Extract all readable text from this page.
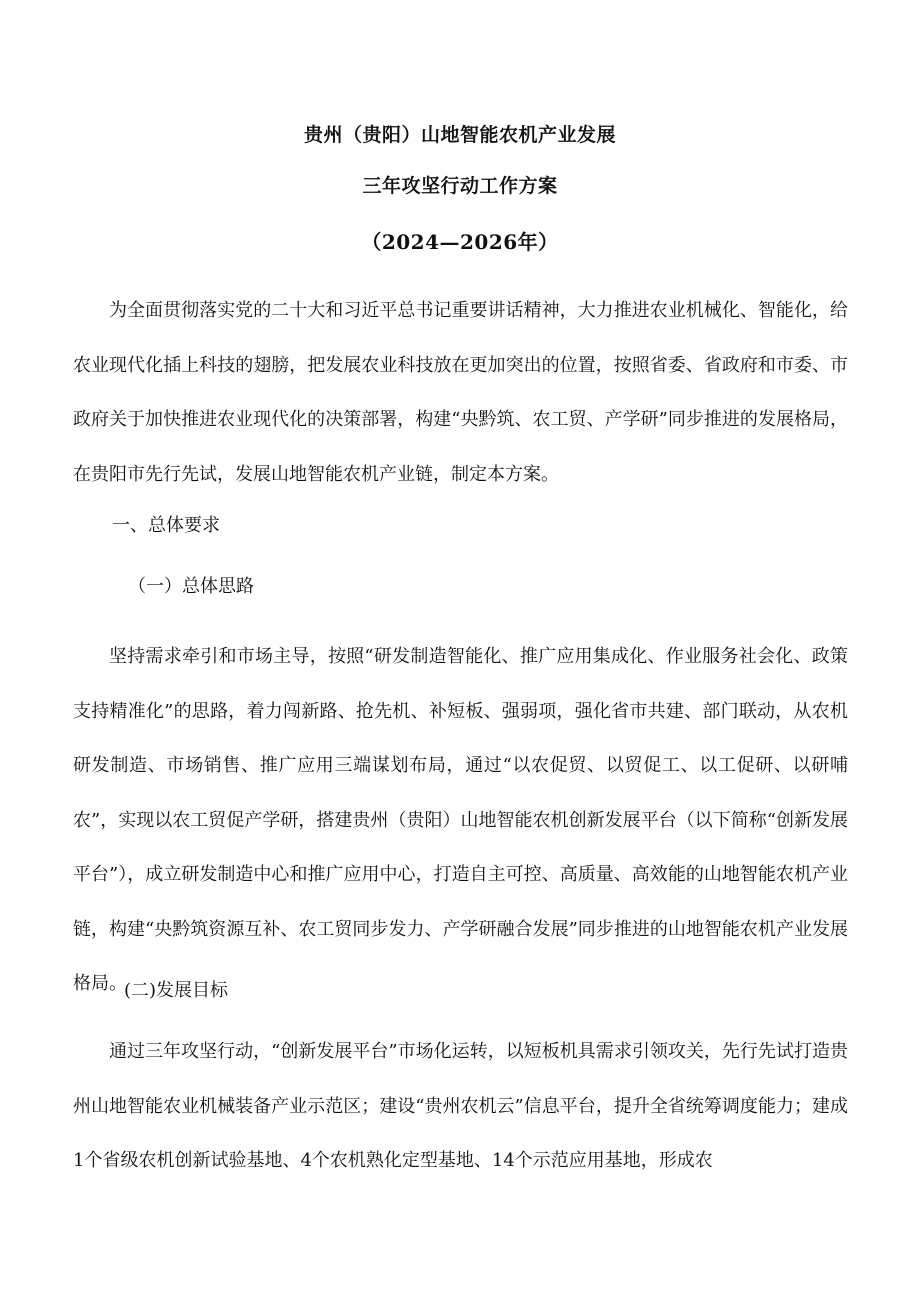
贵州（贵阳）山地智能农机产业发展
三年攻坚行动工作方案
（2024—2026年）

为全面贯彻落实党的二十大和习近平总书记重要讲话精神，大力推进农业机械化、智能化，给农业现代化插上科技的翅膀，把发展农业科技放在更加突出的位置，按照省委、省政府和市委、市政府关于加快推进农业现代化的决策部署，构建“央黔筑、农工贸、产学研”同步推进的发展格局，在贵阳市先行先试，发展山地智能农机产业链，制定本方案。

一、总体要求
（一）总体思路

坚持需求牵引和市场主导，按照“研发制造智能化、推广应用集成化、作业服务社会化、政策支持精准化”的思路，着力闯新路、抢先机、补短板、强弱项，强化省市共建、部门联动，从农机研发制造、市场销售、推广应用三端谋划布局，通过“以农促贸、以贸促工、以工促研、以研哺农”，实现以农工贸促产学研，搭建贵州（贵阳）山地智能农机创新发展平台（以下简称“创新发展平台”），成立研发制造中心和推广应用中心，打造自主可控、高质量、高效能的山地智能农机产业链，构建“央黔筑资源互补、农工贸同步发力、产学研融合发展”同步推进的山地智能农机产业发展格局。

(二)发展目标

通过三年攻坚行动，“创新发展平台”市场化运转，以短板机具需求引领攻关，先行先试打造贵州山地智能农业机械装备产业示范区；建设“贵州农机云”信息平台，提升全省统筹调度能力；建成1个省级农机创新试验基地、4个农机熟化定型基地、14个示范应用基地，形成农
